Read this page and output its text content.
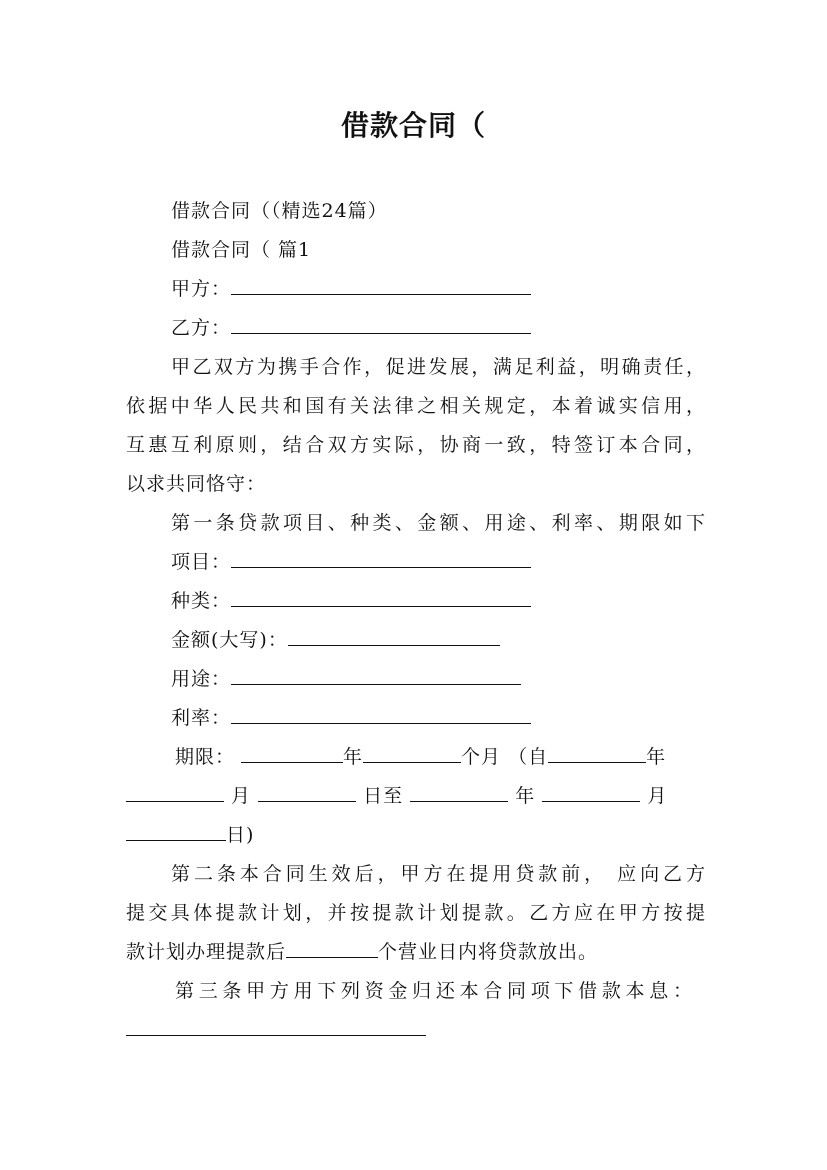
借款合同（
借款合同（（精选24篇）
借款合同（ 篇1
甲方：
乙方：
甲乙双方为携手合作，促进发展，满足利益，明确责任，
依据中华人民共和国有关法律之相关规定，本着诚实信用，
互惠互利原则，结合双方实际，协商一致，特签订本合同，
以求共同恪守：
第一条贷款项目、种类、金额、用途、利率、期限如下
项目：
种类：
金额(大写)：
用途：
利率：
期限：	年	个月 （自	年
月	日至	年	月
日)
第二条本合同生效后，甲方在提用贷款前， 应向乙方
提交具体提款计划，并按提款计划提款。乙方应在甲方按提
款计划办理提款后	个营业日内将贷款放出。
第三条甲方用下列资金归还本合同项下借款本息：
